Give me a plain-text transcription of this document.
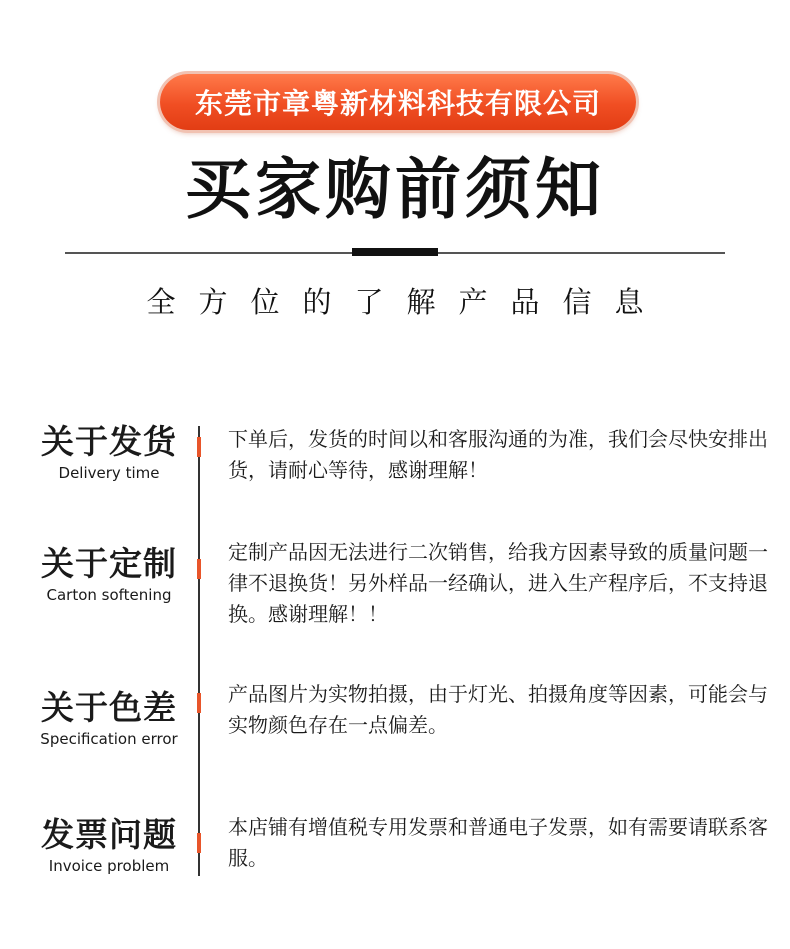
东莞市章粤新材料科技有限公司
买家购前须知
全方位的了解产品信息
关于发货
Delivery time
下单后，发货的时间以和客服沟通的为准，我们会尽快安排出货，请耐心等待，感谢理解！
关于定制
Carton softening
定制产品因无法进行二次销售，给我方因素导致的质量问题一律不退换货！另外样品一经确认，进入生产程序后，不支持退换。感谢理解！！
关于色差
Specification error
产品图片为实物拍摄，由于灯光、拍摄角度等因素，可能会与实物颜色存在一点偏差。
发票问题
Invoice problem
本店铺有增值税专用发票和普通电子发票，如有需要请联系客服。
